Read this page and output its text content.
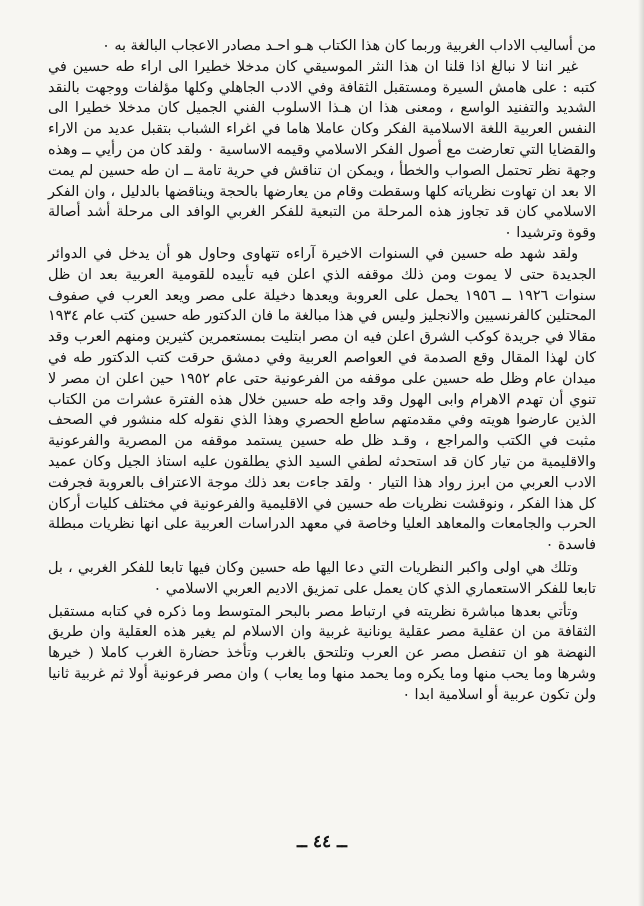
من أساليب الاداب الغربية وربما كان هذا الكتاب هـو احـد مصادر الاعجاب البالغة به ٠

غير اننا لا نبالغ اذا قلنا ان هذا النثر الموسيقي كان مدخلا خطيرا الى اراء طه حسين في كتبه : على هامش السيرة ومستقبل الثقافة وفي الادب الجاهلي وكلها مؤلفات ووجهت بالنقد الشديد والتفنيد الواسع ، ومعنى هذا ان هـذا الاسلوب الفني الجميل كان مدخلا خطيرا الى النفس العربية اللغة الاسلامية الفكر وكان عاملا هاما في اغراء الشباب بتقبل عديد من الاراء والقضايا التي تعارضت مع أصول الفكر الاسلامي وقيمه الاساسية ٠ ولقد كان من رأيي ــ وهذه وجهة نظر تحتمل الصواب والخطأ ، ويمكن ان تناقش في حرية تامة ــ ان طه حسين لم يمت الا بعد ان تهاوت نظرياته كلها وسقطت وقام من يعارضها بالحجة ويناقضها بالدليل ، وان الفكر الاسلامي كان قد تجاوز هذه المرحلة من التبعية للفكر الغربي الوافد الى مرحلة أشد أصالة وقوة وترشيدا ٠

ولقد شهد طه حسين في السنوات الاخيرة آراءه تتهاوى وحاول هو أن يدخل في الدوائر الجديدة حتى لا يموت ومن ذلك موقفه الذي اعلن فيه تأييده للقومية العربية بعد ان ظل سنوات ١٩٢٦ ــ ١٩٥٦ يحمل على العروبة ويعدها دخيلة على مصر ويعد العرب في صفوف المحتلين كالفرنسيين والانجليز وليس في هذا مبالغة ما فان الدكتور طه حسين كتب عام ١٩٣٤ مقالا في جريدة كوكب الشرق اعلن فيه ان مصر ابتليت بمستعمرين كثيرين ومنهم العرب وقد كان لهذا المقال وقع الصدمة في العواصم العربية وفي دمشق حرقت كتب الدكتور طه في ميدان عام وظل طه حسين على موقفه من الفرعونية حتى عام ١٩٥٢ حين اعلن ان مصر لا تنوي أن تهدم الاهرام وابى الهول وقد واجه طه حسين خلال هذه الفترة عشرات من الكتاب الذين عارضوا هويته وفي مقدمتهم ساطع الحصري وهذا الذي نقوله كله منشور في الصحف مثبت في الكتب والمراجع ، وقـد ظل طه حسين يستمد موقفه من المصرية والفرعونية والاقليمية من تيار كان قد استحدثه لطفي السيد الذي يطلقون عليه استاذ الجيل وكان عميد الادب العربي من ابرز رواد هذا التيار ٠ ولقد جاءت بعد ذلك موجة الاعتراف بالعروبة فجرفت كل هذا الفكر ، ونوقشت نظريات طه حسين في الاقليمية والفرعونية في مختلف كليات أركان الحرب والجامعات والمعاهد العليا وخاصة في معهد الدراسات العربية على انها نظريات مبطلة فاسدة ٠

وتلك هي اولى واكبر النظريات التي دعا اليها طه حسين وكان فيها تابعا للفكر الغربي ، بل تابعا للفكر الاستعماري الذي كان يعمل على تمزيق الاديم العربي الاسلامي ٠

وتأتي بعدها مباشرة نظريته في ارتباط مصر بالبحر المتوسط وما ذكره في كتابه مستقبل الثقافة من ان عقلية مصر عقلية يونانية غربية وان الاسلام لم يغير هذه العقلية وان طريق النهضة هو ان تنفصل مصر عن العرب وتلتحق بالغرب وتأخذ حضارة الغرب كاملا ( خيرها وشرها وما يحب منها وما يكره وما يحمد منها وما يعاب ) وان مصر فرعونية أولا ثم غربية ثانيا ولن تكون عربية أو اسلامية ابدا ٠

ــ ٤٤ ــ
